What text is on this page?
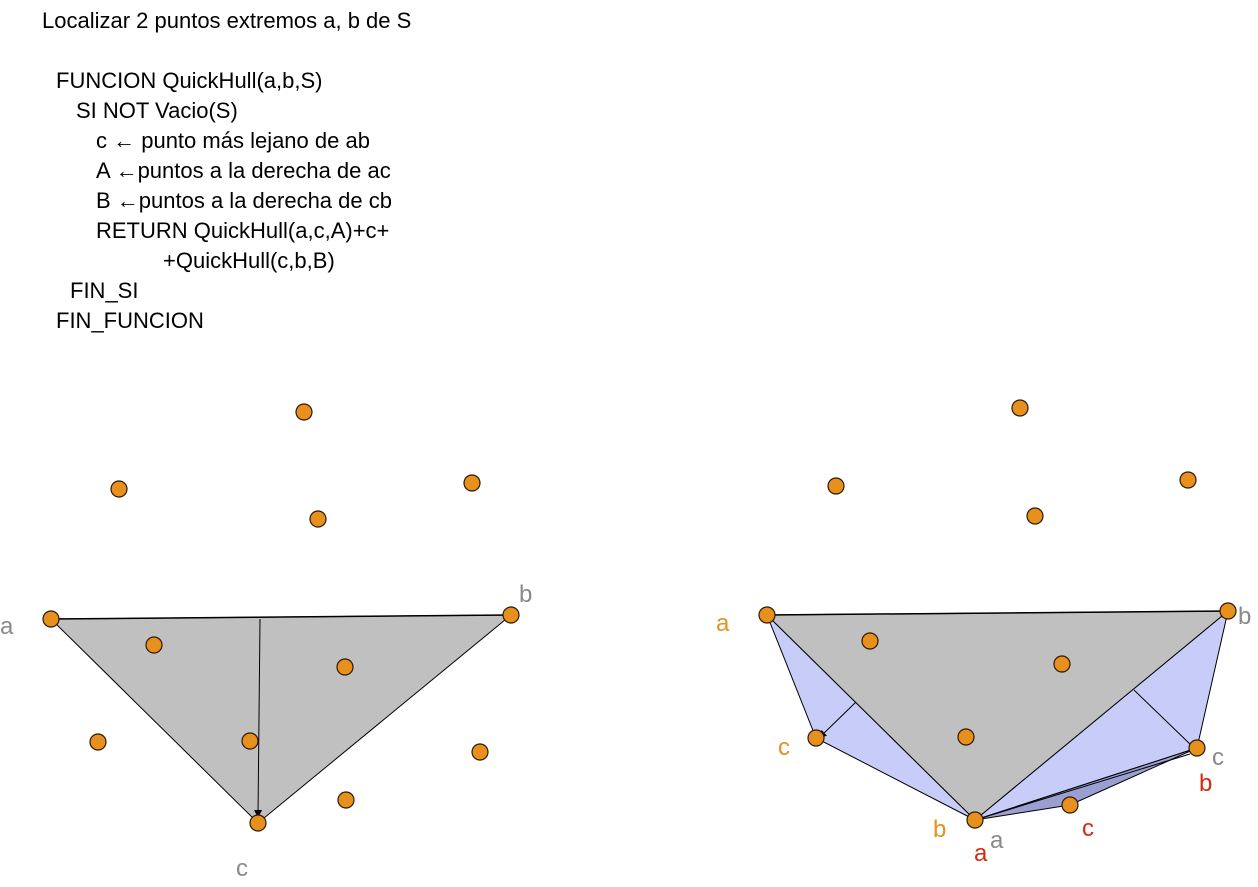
Localizar 2 puntos extremos a, b de S
FUNCION QuickHull(a,b,S)
SI NOT Vacio(S)
c ← punto más lejano de ab
A ←puntos a la derecha de ac
B ←puntos a la derecha de cb
RETURN QuickHull(a,c,A)+c+
+QuickHull(c,b,B)
FIN_SI
FIN_FUNCION
a
b
c
a	b
c
b a
c
b
c
a
